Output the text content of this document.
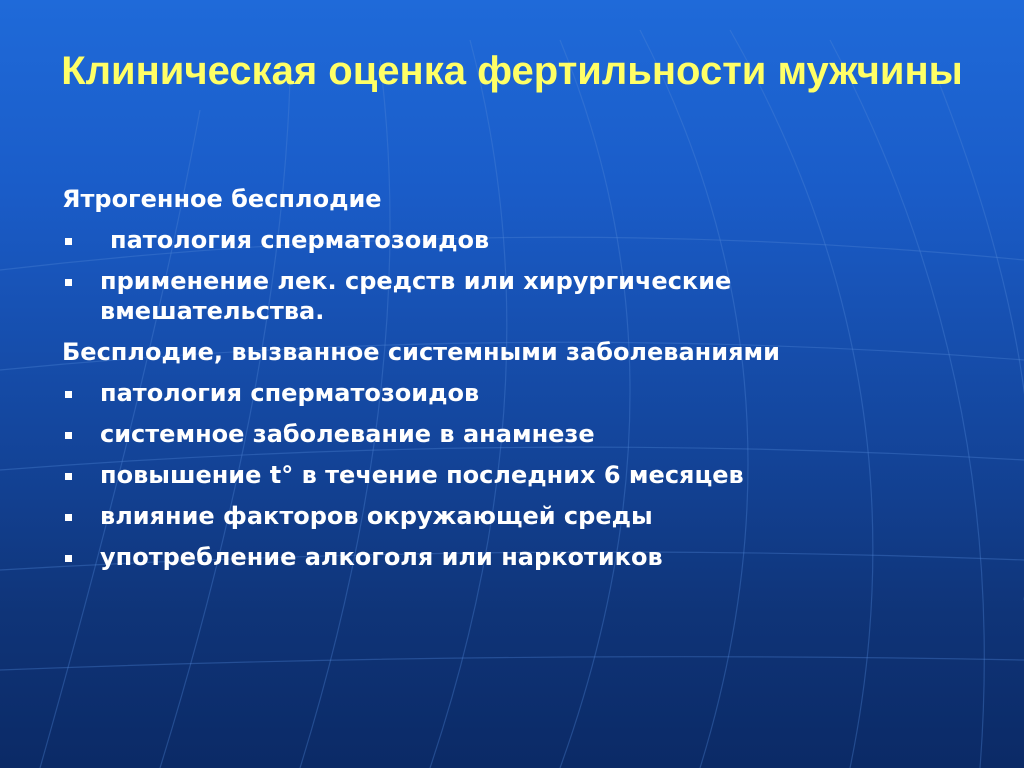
Клиническая оценка фертильности мужчины
Ятрогенное бесплодие
патология сперматозоидов
применение лек. средств или хирургические вмешательства.
Бесплодие, вызванное системными заболеваниями
патология сперматозоидов
системное заболевание в анамнезе
повышение t° в течение последних 6 месяцев
влияние факторов окружающей среды
употребление алкоголя или наркотиков
